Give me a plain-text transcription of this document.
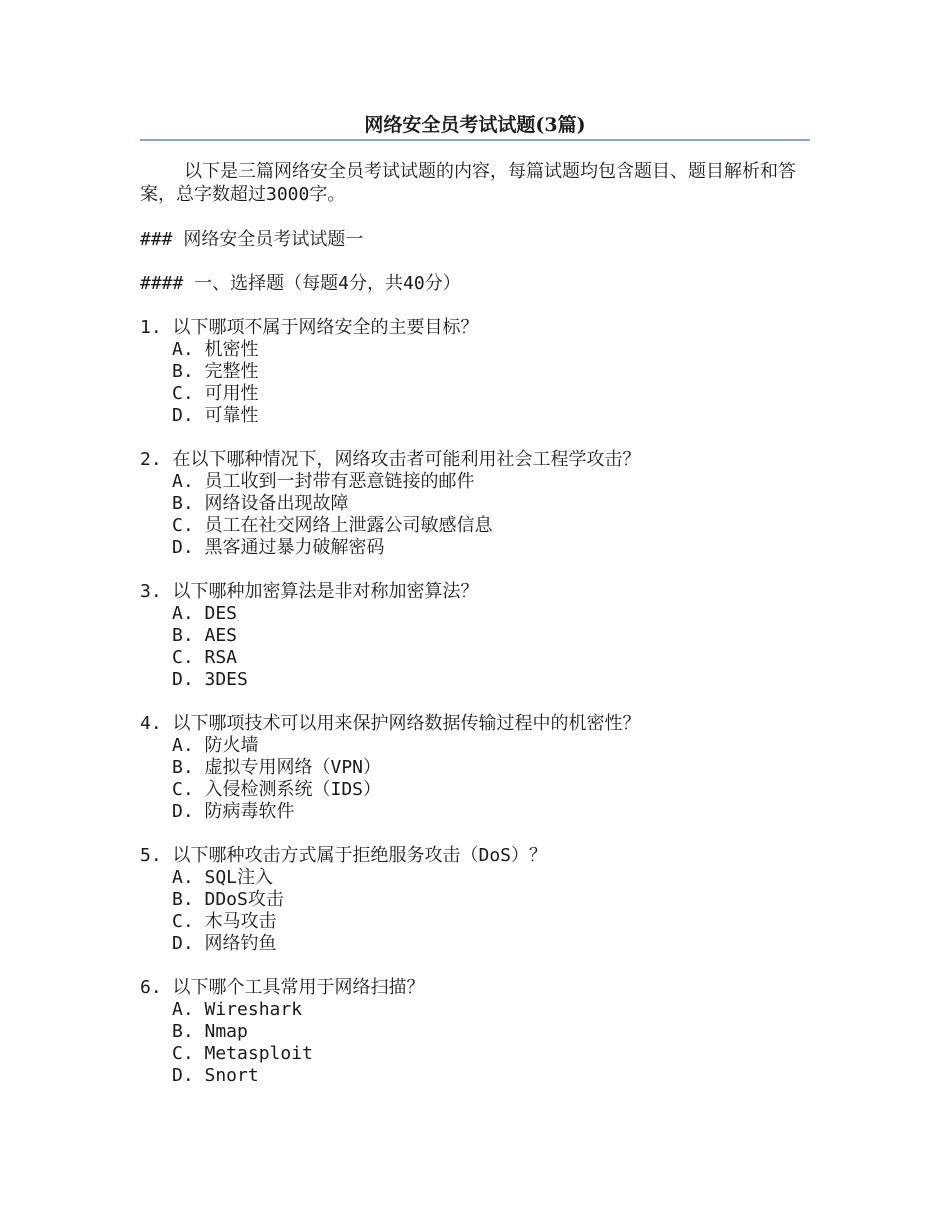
网络安全员考试试题(3篇)

以下是三篇网络安全员考试试题的内容，每篇试题均包含题目、题目解析和答案，总字数超过3000字。

### 网络安全员考试试题一

#### 一、选择题（每题4分，共40分）

1. 以下哪项不属于网络安全的主要目标？

A. 机密性
B. 完整性
C. 可用性
D. 可靠性

2. 在以下哪种情况下，网络攻击者可能利用社会工程学攻击？

A. 员工收到一封带有恶意链接的邮件
B. 网络设备出现故障
C. 员工在社交网络上泄露公司敏感信息
D. 黑客通过暴力破解密码

3. 以下哪种加密算法是非对称加密算法？

A. DES
B. AES
C. RSA
D. 3DES

4. 以下哪项技术可以用来保护网络数据传输过程中的机密性？

A. 防火墙
B. 虚拟专用网络（VPN）
C. 入侵检测系统（IDS）
D. 防病毒软件

5. 以下哪种攻击方式属于拒绝服务攻击（DoS）？

A. SQL注入
B. DDoS攻击
C. 木马攻击
D. 网络钓鱼

6. 以下哪个工具常用于网络扫描？

A. Wireshark
B. Nmap
C. Metasploit
D. Snort
